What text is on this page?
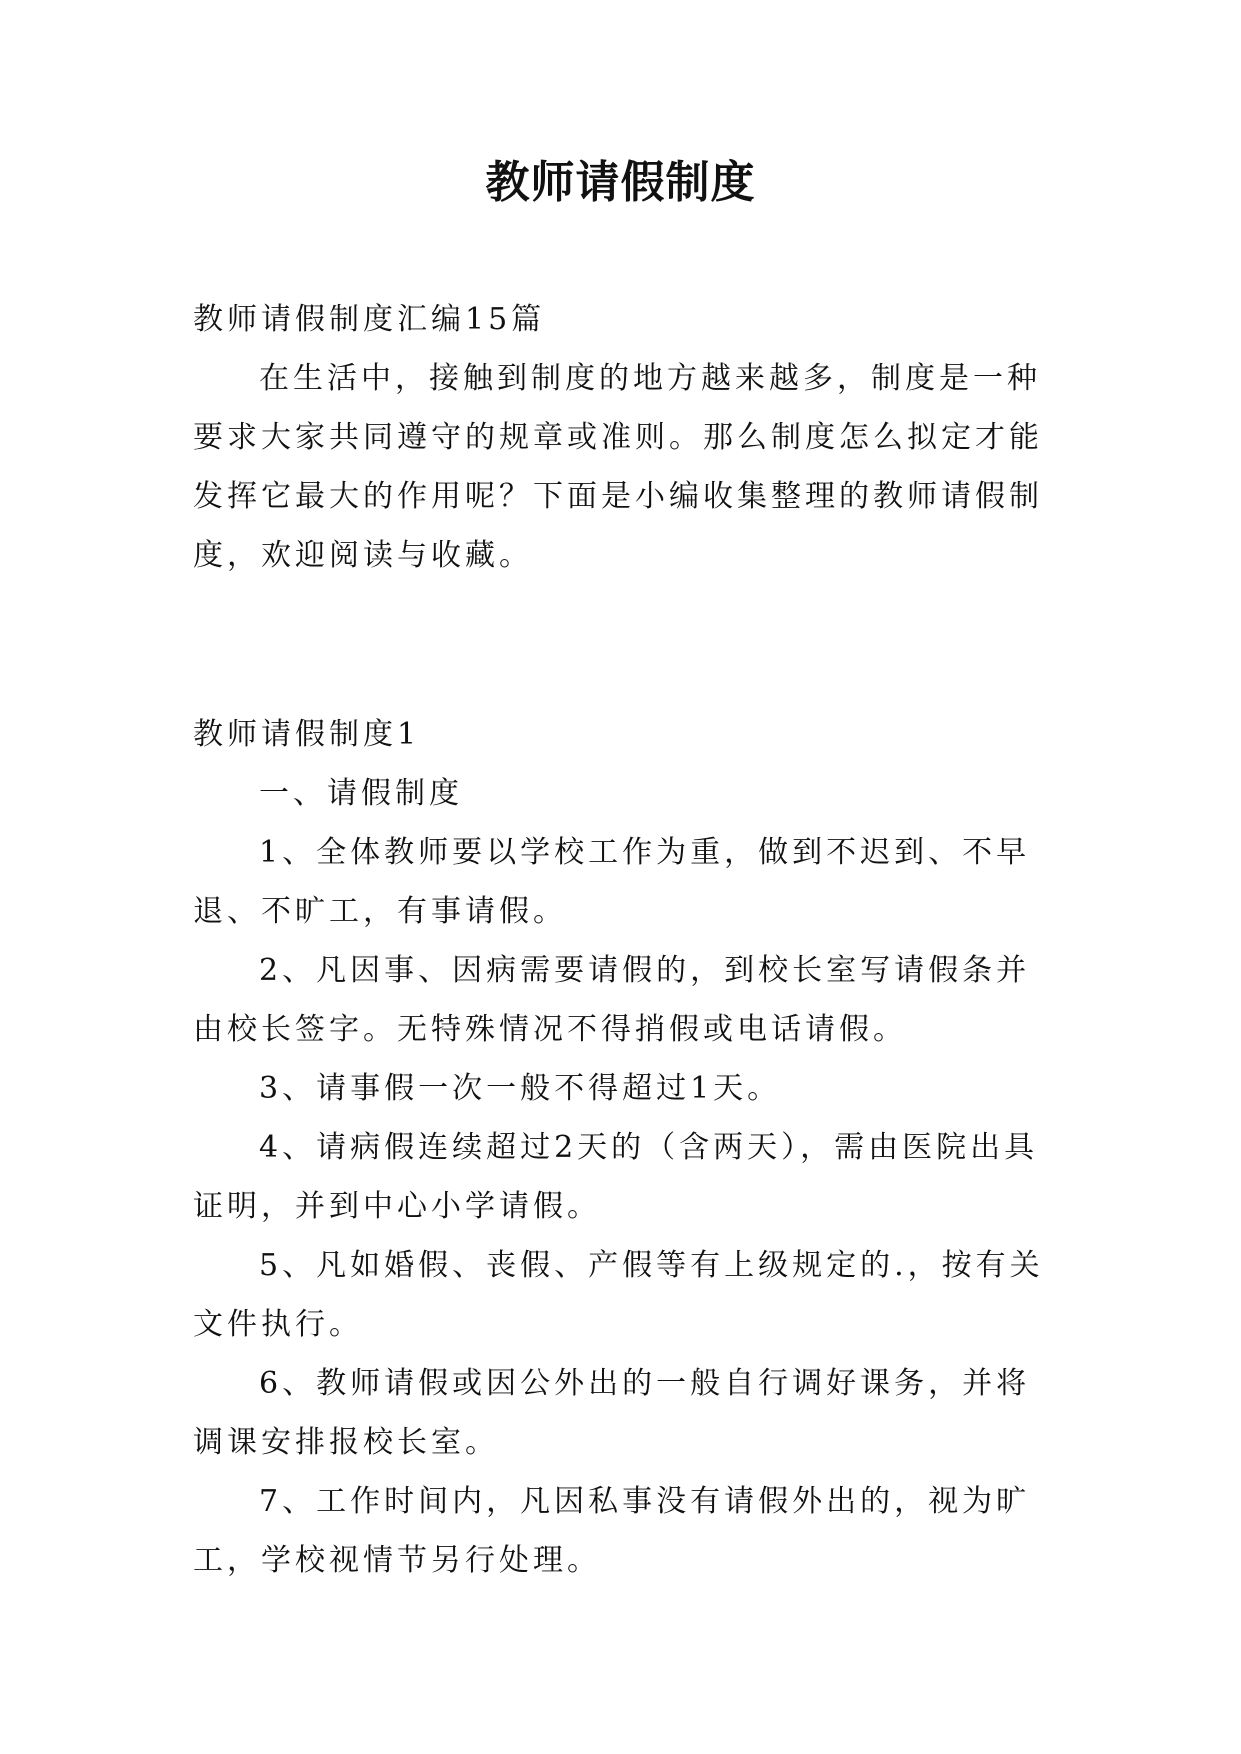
教师请假制度

教师请假制度汇编15篇

在生活中，接触到制度的地方越来越多，制度是一种要求大家共同遵守的规章或准则。那么制度怎么拟定才能发挥它最大的作用呢？下面是小编收集整理的教师请假制度，欢迎阅读与收藏。

教师请假制度1

一、请假制度

1、全体教师要以学校工作为重，做到不迟到、不早退、不旷工，有事请假。

2、凡因事、因病需要请假的，到校长室写请假条并由校长签字。无特殊情况不得捎假或电话请假。

3、请事假一次一般不得超过1天。

4、请病假连续超过2天的（含两天），需由医院出具证明，并到中心小学请假。

5、凡如婚假、丧假、产假等有上级规定的.，按有关文件执行。

6、教师请假或因公外出的一般自行调好课务，并将调课安排报校长室。

7、工作时间内，凡因私事没有请假外出的，视为旷工，学校视情节另行处理。
